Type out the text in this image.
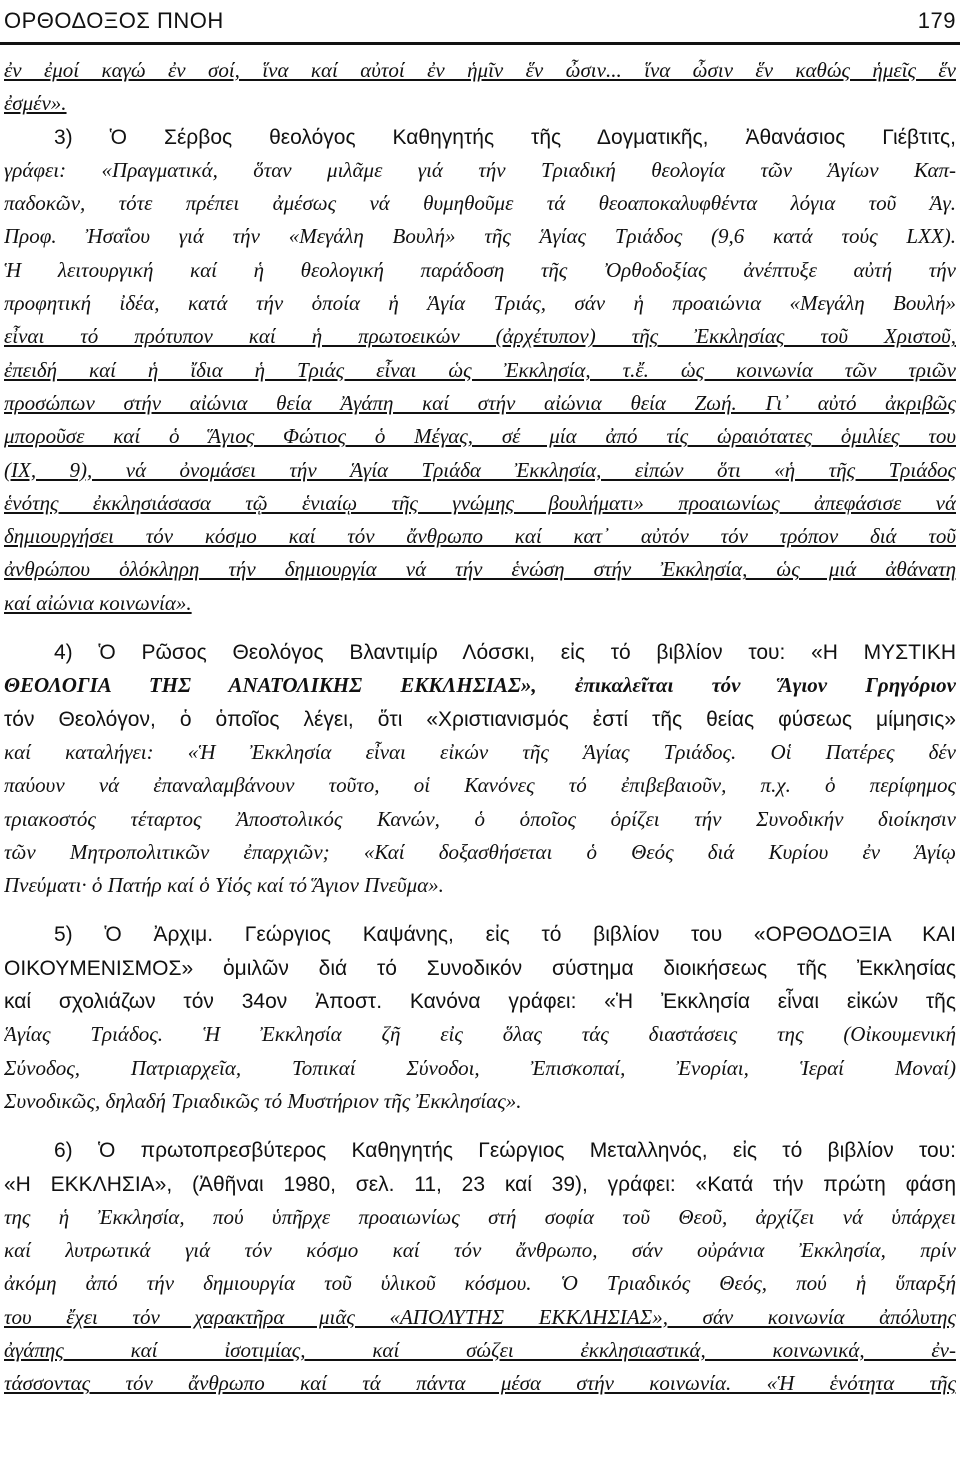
ΟΡΘΟΔΟΞΟΣ ΠΝΟΗ	179
ἐν ἐμοί καγώ ἐν σοί, ἵνα καί αὐτοί ἐν ἡμῖν ἕν ὦσιν... ἵνα ὦσιν ἕν καθώς ἡμεῖς ἕν
ἐσμέν».
3) Ὁ Σέρβος θεολόγος Καθηγητής τῆς Δογματικῆς, Ἀθανάσιος Γιέβτιτς,
γράφει: «Πραγματικά, ὅταν μιλᾶμε γιά τήν Τριαδική θεολογία τῶν Ἁγίων Καπ-
παδοκῶν, τότε πρέπει ἀμέσως νά θυμηθοῦμε τά θεοαποκαλυφθέντα λόγια τοῦ Ἁγ.
Προφ. Ἠσαΐου γιά τήν «Μεγάλη Βουλή» τῆς Ἁγίας Τριάδος (9,6 κατά τούς LXX).
Ἡ λειτουργική καί ἡ θεολογική παράδοση τῆς Ὀρθοδοξίας ἀνέπτυξε αὐτή τήν
προφητική ἰδέα, κατά τήν ὁποία ἡ Ἁγία Τριάς, σάν ἡ προαιώνια «Μεγάλη Βουλή»
εἶναι τό πρότυπον καί ἡ πρωτοεικών (ἀρχέτυπον) τῆς Ἐκκλησίας τοῦ Χριστοῦ,
ἐπειδή καί ἡ ἴδια ἡ Τριάς εἶναι ὡς Ἐκκλησία, τ.ἔ. ὡς κοινωνία τῶν τριῶν
προσώπων στήν αἰώνια θεία Ἀγάπη καί στήν αἰώνια θεία Ζωή. Γι᾽ αὐτό ἀκριβῶς
μποροῦσε καί ὁ Ἅγιος Φώτιος ὁ Μέγας, σέ μία ἀπό τίς ὡραιότατες ὁμιλίες του
(IX, 9), νά ὀνομάσει τήν Ἁγία Τριάδα Ἐκκλησία, εἰπών ὅτι «ἡ τῆς Τριάδος
ἑνότης ἐκκλησιάσασα τῷ ἑνιαίῳ τῆς γνώμης βουλήματι» προαιωνίως ἀπεφάσισε νά
δημιουργήσει τόν κόσμο καί τόν ἄνθρωπο καί κατ᾽ αὐτόν τόν τρόπον διά τοῦ
ἀνθρώπου ὁλόκληρη τήν δημιουργία νά τήν ἑνώση στήν Ἐκκλησία, ὡς μιά ἀθάνατη
καί αἰώνια κοινωνία».
4) Ὁ Ρῶσος Θεολόγος Βλαντιμίρ Λόσσκι, εἰς τό βιβλίον του: «Η ΜΥΣΤΙΚΗ
ΘΕΟΛΟΓΙΑ ΤΗΣ ΑΝΑΤΟΛΙΚΗΣ ΕΚΚΛΗΣΙΑΣ», ἐπικαλεῖται τόν Ἅγιον Γρηγόριον
τόν Θεολόγον, ὁ ὁποῖος λέγει, ὅτι «Χριστιανισμός ἐστί τῆς θείας φύσεως μίμησις»
καί καταλήγει: «Ἡ Ἐκκλησία εἶναι εἰκών τῆς Ἁγίας Τριάδος. Οἱ Πατέρες δέν
παύουν νά ἐπαναλαμβάνουν τοῦτο, οἱ Κανόνες τό ἐπιβεβαιοῦν, π.χ. ὁ περίφημος
τριακοστός τέταρτος Ἀποστολικός Κανών, ὁ ὁποῖος ὁρίζει τήν Συνοδικήν διοίκησιν
τῶν Μητροπολιτικῶν ἐπαρχιῶν; «Καί δοξασθήσεται ὁ Θεός διά Κυρίου ἐν Ἁγίῳ
Πνεύματι· ὁ Πατήρ καί ὁ Υἱός καί τό Ἅγιον Πνεῦμα».
5) Ὁ Ἀρχιμ. Γεώργιος Καψάνης, εἰς τό βιβλίον του «ΟΡΘΟΔΟΞΙΑ ΚΑΙ
ΟΙΚΟΥΜΕΝΙΣΜΟΣ» ὁμιλῶν διά τό Συνοδικόν σύστημα διοικήσεως τῆς Ἐκκλησίας
καί σχολιάζων τόν 34ον Ἀποστ. Κανόνα γράφει: «Ἡ Ἐκκλησία εἶναι εἰκών τῆς
Ἁγίας Τριάδος. Ἡ Ἐκκλησία ζῆ εἰς ὅλας τάς διαστάσεις της (Οἰκουμενική
Σύνοδος, Πατριαρχεῖα, Τοπικαί Σύνοδοι, Ἐπισκοπαί, Ἐνορίαι, Ἱεραί Μοναί)
Συνοδικῶς, δηλαδή Τριαδικῶς τό Μυστήριον τῆς Ἐκκλησίας».
6) Ὁ πρωτοπρεσβύτερος Καθηγητής Γεώργιος Μεταλληνός, εἰς τό βιβλίον του:
«Η ΕΚΚΛΗΣΙΑ», (Ἀθῆναι 1980, σελ. 11, 23 καί 39), γράφει: «Κατά τήν πρώτη φάση
της ἡ Ἐκκλησία, πού ὑπῆρχε προαιωνίως στή σοφία τοῦ Θεοῦ, ἀρχίζει νά ὑπάρχει
καί λυτρωτικά γιά τόν κόσμο καί τόν ἄνθρωπο, σάν οὐράνια Ἐκκλησία, πρίν
ἀκόμη ἀπό τήν δημιουργία τοῦ ὑλικοῦ κόσμου. Ὁ Τριαδικός Θεός, πού ἡ ὕπαρξή
του ἔχει τόν χαρακτῆρα μιᾶς «ΑΠΟΛΥΤΗΣ ΕΚΚΛΗΣΙΑΣ», σάν κοινωνία ἀπόλυτης
ἀγάπης καί ἰσοτιμίας, καί σώζει ἐκκλησιαστικά, κοινωνικά, ἐν-
τάσσοντας τόν ἄνθρωπο καί τά πάντα μέσα στήν κοινωνία. «Ἡ ἑνότητα τῆς
